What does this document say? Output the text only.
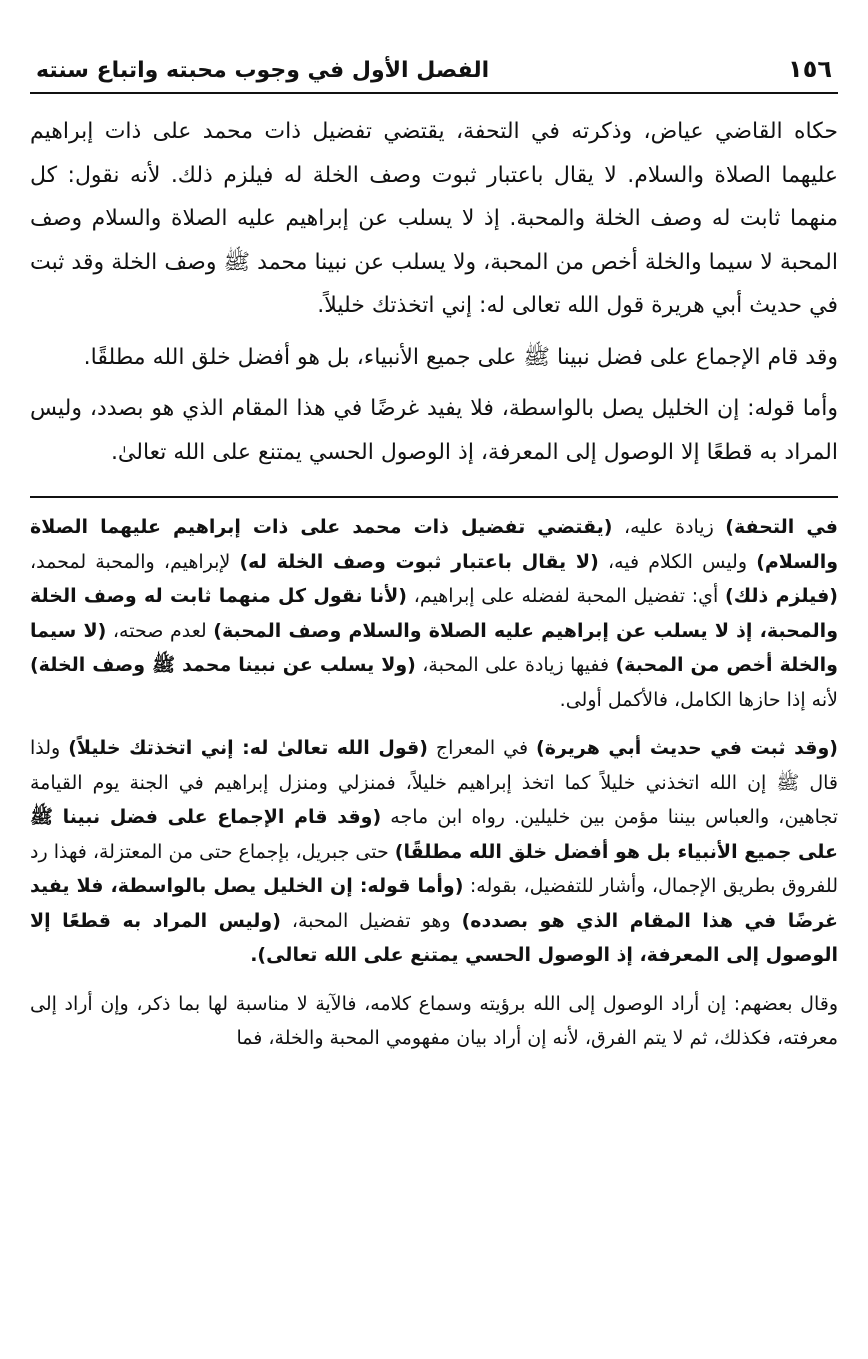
١٥٦
الفصل الأول في وجوب محبته واتباع سنته

حكاه القاضي عياض، وذكرته في التحفة، يقتضي تفضيل ذات محمد على ذات إبراهيم عليهما الصلاة والسلام. لا يقال باعتبار ثبوت وصف الخلة له فيلزم ذلك. لأنه نقول: كل منهما ثابت له وصف الخلة والمحبة. إذ لا يسلب عن إبراهيم عليه الصلاة والسلام وصف المحبة لا سيما والخلة أخص من المحبة، ولا يسلب عن نبينا محمد ﷺ وصف الخلة وقد ثبت في حديث أبي هريرة قول الله تعالى له: إني اتخذتك خليلاً.

وقد قام الإجماع على فضل نبينا ﷺ على جميع الأنبياء، بل هو أفضل خلق الله مطلقًا.

وأما قوله: إن الخليل يصل بالواسطة، فلا يفيد غرضًا في هذا المقام الذي هو بصدد، وليس المراد به قطعًا إلا الوصول إلى المعرفة، إذ الوصول الحسي يمتنع على الله تعالىٰ.

في التحفة) زيادة عليه، (يقتضي تفضيل ذات محمد على ذات إبراهيم عليهما الصلاة والسلام) وليس الكلام فيه، (لا يقال باعتبار ثبوت وصف الخلة له) لإبراهيم، والمحبة لمحمد، (فيلزم ذلك) أي: تفضيل المحبة لفضله على إبراهيم، (لأنا نقول كل منهما ثابت له وصف الخلة والمحبة، إذ لا يسلب عن إبراهيم عليه الصلاة والسلام وصف المحبة) لعدم صحته، (لا سيما والخلة أخص من المحبة) ففيها زيادة على المحبة، (ولا يسلب عن نبينا محمد ﷺ وصف الخلة) لأنه إذا حازها الكامل، فالأكمل أولى.

(وقد ثبت في حديث أبي هريرة) في المعراج (قول الله تعالىٰ له: إني اتخذتك خليلاً) ولذا قال ﷺ إن الله اتخذني خليلاً كما اتخذ إبراهيم خليلاً، فمنزلي ومنزل إبراهيم في الجنة يوم القيامة تجاهين، والعباس بيننا مؤمن بين خليلين. رواه ابن ماجه (وقد قام الإجماع على فضل نبينا ﷺ على جميع الأنبياء بل هو أفضل خلق الله مطلقًا) حتى جبريل، بإجماع حتى من المعتزلة، فهذا رد للفروق بطريق الإجمال، وأشار للتفضيل، بقوله: (وأما قوله: إن الخليل يصل بالواسطة، فلا يفيد غرضًا في هذا المقام الذي هو بصدده) وهو تفضيل المحبة، (وليس المراد به قطعًا إلا الوصول إلى المعرفة، إذ الوصول الحسي يمتنع على الله تعالى).

وقال بعضهم: إن أراد الوصول إلى الله برؤيته وسماع كلامه، فالآية لا مناسبة لها بما ذكر، وإن أراد إلى معرفته، فكذلك، ثم لا يتم الفرق، لأنه إن أراد بيان مفهومي المحبة والخلة، فما
